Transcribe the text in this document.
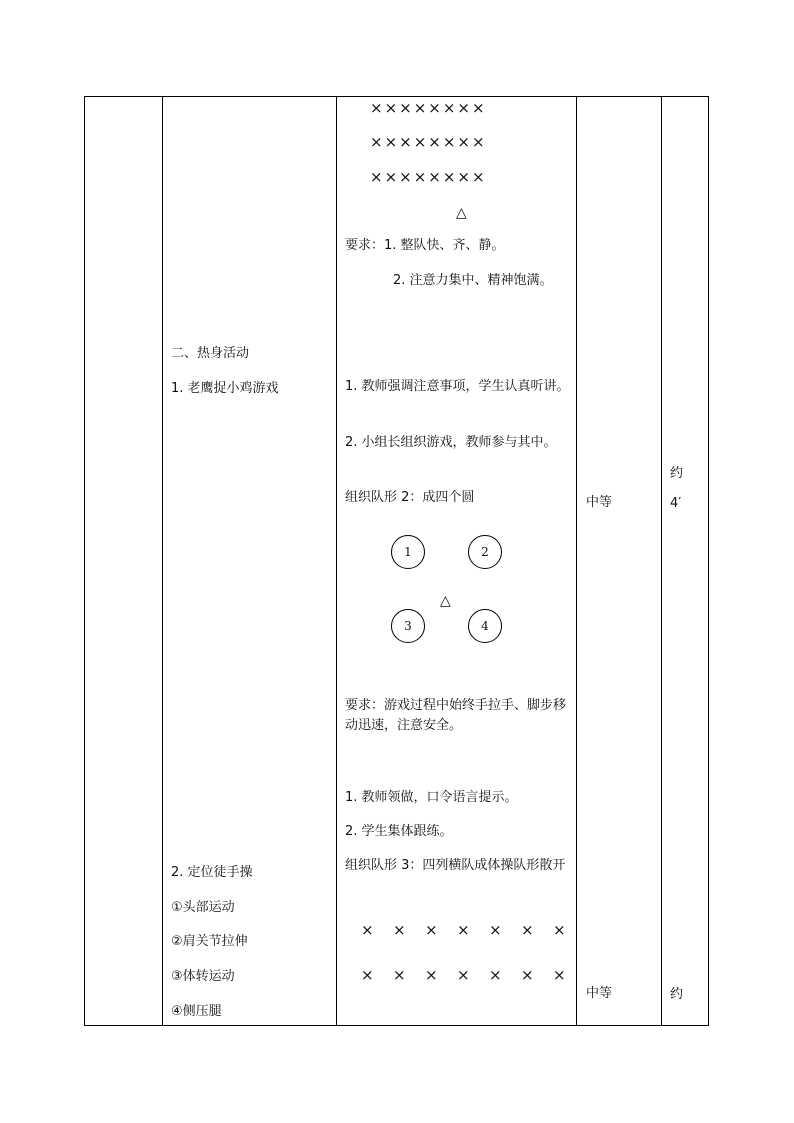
二、热身活动
1. 老鹰捉小鸡游戏
2. 定位徒手操
①头部运动
②肩关节拉伸
③体转运动
④侧压腿
××××××××
××××××××
××××××××
△
要求：1. 整队快、齐、静。
2. 注意力集中、精神饱满。
1. 教师强调注意事项，学生认真听讲。
2. 小组长组织游戏，教师参与其中。
组织队形 2：成四个圆
1	2
△
3	4
要求：游戏过程中始终手拉手、脚步移动迅速，注意安全。
1. 教师领做，口令语言提示。
2. 学生集体跟练。
组织队形 3：四列横队成体操队形散开
× × × × × × ×
× × × × × × ×
中等
中等
约
4′
约
